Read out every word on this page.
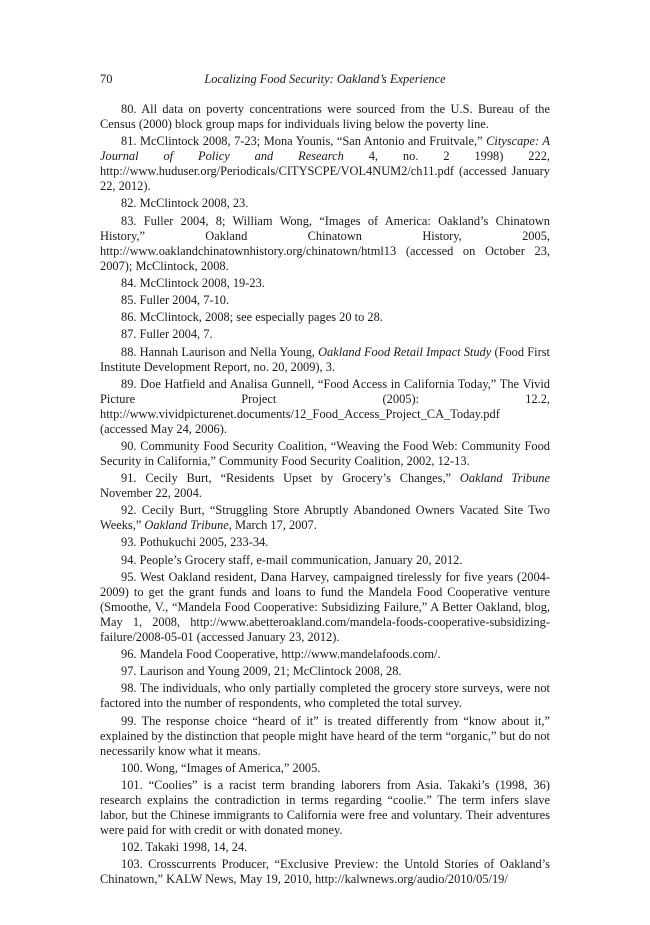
70	Localizing Food Security: Oakland’s Experience

80. All data on poverty concentrations were sourced from the U.S. Bureau of the Census (2000) block group maps for individuals living below the poverty line.

81. McClintock 2008, 7-23; Mona Younis, “San Antonio and Fruitvale,” Cityscape: A Journal of Policy and Research 4, no. 2 1998) 222, http://www.huduser.org/Periodicals/CITYSCPE/VOL4NUM2/ch11.pdf (accessed January 22, 2012).

82. McClintock 2008, 23.

83. Fuller 2004, 8; William Wong, “Images of America: Oakland’s Chinatown History,” Oakland Chinatown History, 2005, http://www.oaklandchinatownhistory.org/chinatown/html13 (accessed on October 23, 2007); McClintock, 2008.

84. McClintock 2008, 19-23.

85. Fuller 2004, 7-10.

86. McClintock, 2008; see especially pages 20 to 28.

87. Fuller 2004, 7.

88. Hannah Laurison and Nella Young, Oakland Food Retail Impact Study (Food First Institute Development Report, no. 20, 2009), 3.

89. Doe Hatfield and Analisa Gunnell, “Food Access in California Today,” The Vivid Picture Project (2005): 12.2, http://www.vividpicturenet.documents/12_Food_Access_Project_CA_Today.pdf (accessed May 24, 2006).

90. Community Food Security Coalition, “Weaving the Food Web: Community Food Security in California,” Community Food Security Coalition, 2002, 12-13.

91. Cecily Burt, “Residents Upset by Grocery’s Changes,” Oakland Tribune November 22, 2004.

92. Cecily Burt, “Struggling Store Abruptly Abandoned Owners Vacated Site Two Weeks,” Oakland Tribune, March 17, 2007.

93. Pothukuchi 2005, 233-34.

94. People’s Grocery staff, e-mail communication, January 20, 2012.

95. West Oakland resident, Dana Harvey, campaigned tirelessly for five years (2004-2009) to get the grant funds and loans to fund the Mandela Food Cooperative venture (Smoothe, V., “Mandela Food Cooperative: Subsidizing Failure,” A Better Oakland, blog, May 1, 2008, http://www.abetteroakland.com/mandela-foods-cooperative-subsidizing-failure/2008-05-01 (accessed January 23, 2012).

96. Mandela Food Cooperative, http://www.mandelafoods.com/.

97. Laurison and Young 2009, 21; McClintock 2008, 28.

98. The individuals, who only partially completed the grocery store surveys, were not factored into the number of respondents, who completed the total survey.

99. The response choice “heard of it” is treated differently from “know about it,” explained by the distinction that people might have heard of the term “organic,” but do not necessarily know what it means.

100. Wong, “Images of America,” 2005.

101. “Coolies” is a racist term branding laborers from Asia. Takaki’s (1998, 36) research explains the contradiction in terms regarding “coolie.” The term infers slave labor, but the Chinese immigrants to California were free and voluntary. Their adventures were paid for with credit or with donated money.

102. Takaki 1998, 14, 24.

103. Crosscurrents Producer, “Exclusive Preview: the Untold Stories of Oakland’s Chinatown,” KALW News, May 19, 2010, http://kalwnews.org/audio/2010/05/19/
